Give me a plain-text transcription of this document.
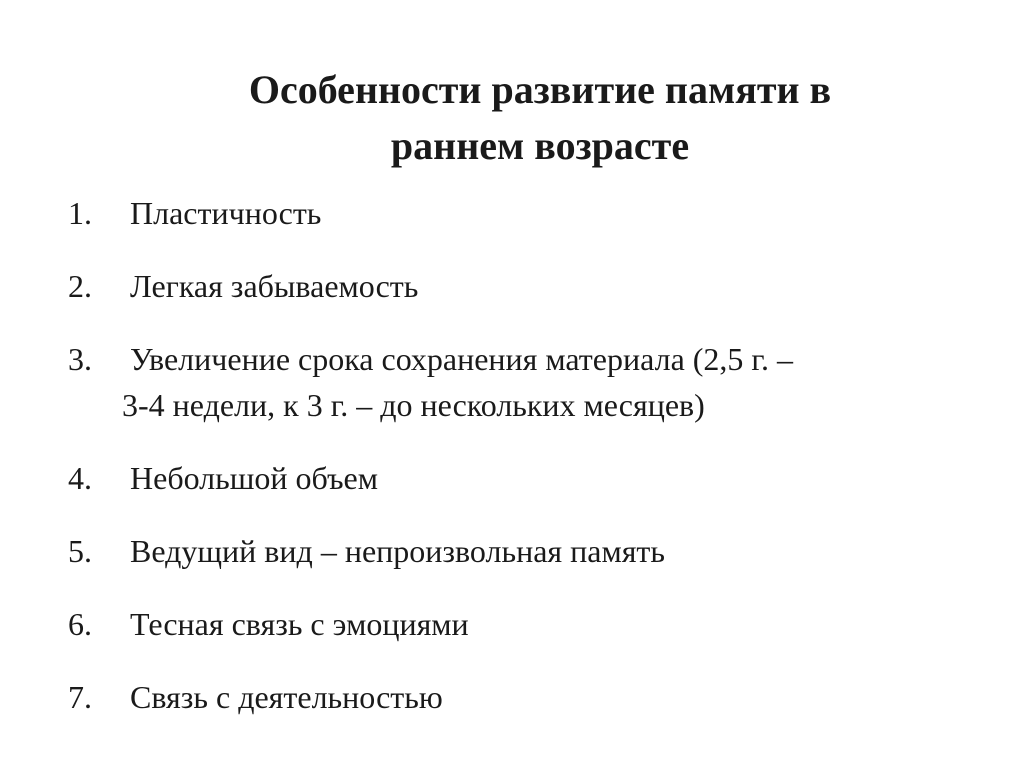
Особенности развитие памяти в
раннем возрасте
1. Пластичность
2. Легкая забываемость
3. Увеличение срока сохранения материала (2,5 г. –
3-4 недели, к 3 г. – до нескольких месяцев)
4. Небольшой объем
5. Ведущий вид – непроизвольная память
6. Тесная связь с эмоциями
7. Связь с деятельностью
